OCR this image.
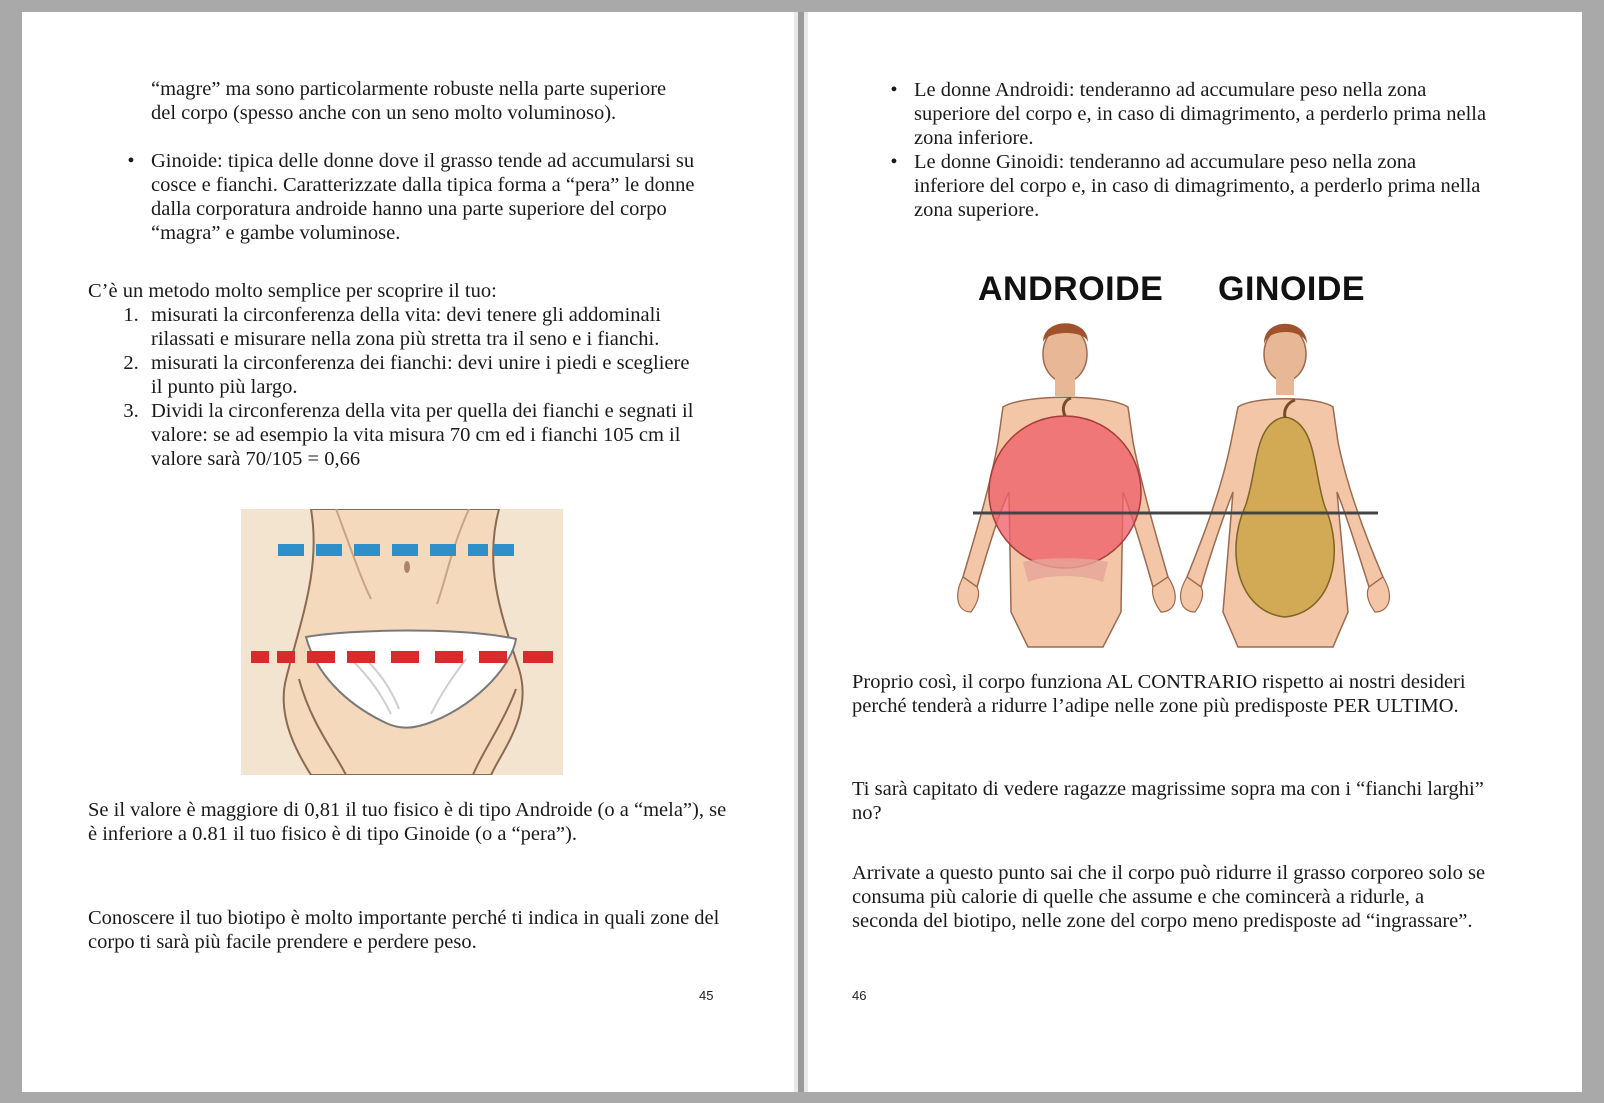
“magre” ma sono particolarmente robuste nella parte superiore del corpo (spesso anche con un seno molto voluminoso).

• Ginoide: tipica delle donne dove il grasso tende ad accumularsi su cosce e fianchi. Caratterizzate dalla tipica forma a “pera” le donne dalla corporatura androide hanno una parte superiore del corpo “magra” e gambe voluminose.

C’è un metodo molto semplice per scoprire il tuo:

1. misurati la circonferenza della vita: devi tenere gli addominali rilassati e misurare nella zona più stretta tra il seno e i fianchi.
2. misurati la circonferenza dei fianchi: devi unire i piedi e scegliere il punto più largo.
3. Dividi la circonferenza della vita per quella dei fianchi e segnati il valore: se ad esempio la vita misura 70 cm ed i fianchi 105 cm il valore sarà 70/105 = 0,66

Se il valore è maggiore di 0,81 il tuo fisico è di tipo Androide (o a “mela”), se è inferiore a 0.81 il tuo fisico è di tipo Ginoide (o a “pera”).

Conoscere il tuo biotipo è molto importante perché ti indica in quali zone del corpo ti sarà più facile prendere e perdere peso.

45
• Le donne Androidi: tenderanno ad accumulare peso nella zona superiore del corpo e, in caso di dimagrimento, a perderlo prima nella zona inferiore.
• Le donne Ginoidi: tenderanno ad accumulare peso nella zona inferiore del corpo e, in caso di dimagrimento, a perderlo prima nella zona superiore.
ANDROIDE GINOIDE

Proprio così, il corpo funziona AL CONTRARIO rispetto ai nostri desideri perché tenderà a ridurre l’adipe nelle zone più predisposte PER ULTIMO.

Ti sarà capitato di vedere ragazze magrissime sopra ma con i “fianchi larghi” no?

Arrivate a questo punto sai che il corpo può ridurre il grasso corporeo solo se consuma più calorie di quelle che assume e che comincerà a ridurle, a seconda del biotipo, nelle zone del corpo meno predisposte ad “ingrassare”.

46
